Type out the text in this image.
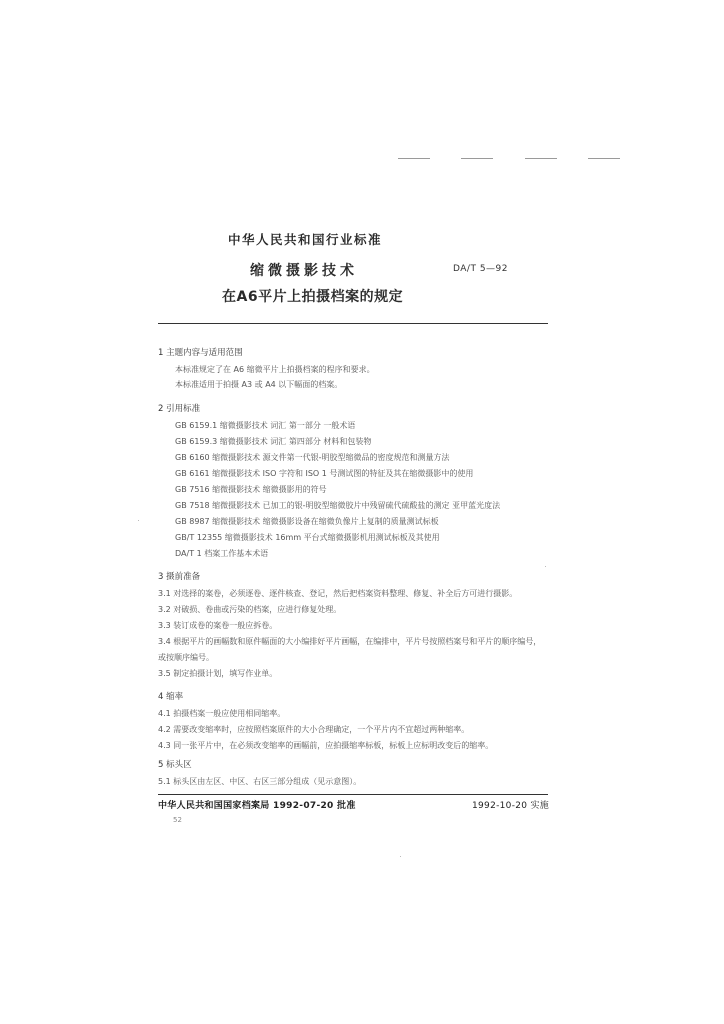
中华人民共和国行业标准
缩微摄影技术	DA/T 5—92
在A6平片上拍摄档案的规定
1 主题内容与适用范围
本标准规定了在 A6 缩微平片上拍摄档案的程序和要求。
本标准适用于拍摄 A3 或 A4 以下幅面的档案。
2 引用标准
GB 6159.1 缩微摄影技术 词汇 第一部分 一般术语
GB 6159.3 缩微摄影技术 词汇 第四部分 材料和包装物
GB 6160 缩微摄影技术 源文件第一代银-明胶型缩微品的密度规范和测量方法
GB 6161 缩微摄影技术 ISO 字符和 ISO 1 号测试图的特征及其在缩微摄影中的使用
GB 7516 缩微摄影技术 缩微摄影用的符号
GB 7518 缩微摄影技术 已加工的银-明胶型缩微胶片中残留硫代硫酸盐的测定 亚甲蓝光度法
GB 8987 缩微摄影技术 缩微摄影设备在缩微负像片上复制的质量测试标板
GB/T 12355 缩微摄影技术 16mm 平台式缩微摄影机用测试标板及其使用
DA/T 1 档案工作基本术语
3 摄前准备
3.1 对选择的案卷，必须逐卷、逐件核查、登记，然后把档案资料整理、修复、补全后方可进行摄影。
3.2 对破损、卷曲或污染的档案，应进行修复处理。
3.3 装订成卷的案卷一般应拆卷。
3.4 根据平片的画幅数和原件幅面的大小编排好平片画幅，在编排中，平片号按照档案号和平片的顺序编号，
或按顺序编号。
3.5 制定拍摄计划，填写作业单。
4 缩率
4.1 拍摄档案一般应使用相同缩率。
4.2 需要改变缩率时，应按照档案原件的大小合理确定，一个平片内不宜超过两种缩率。
4.3 同一张平片中，在必须改变缩率的画幅前，应拍摄缩率标板，标板上应标明改变后的缩率。
5 标头区
5.1 标头区由左区、中区、右区三部分组成（见示意图）。
中华人民共和国国家档案局 1992-07-20 批准	1992-10-20 实施
52
